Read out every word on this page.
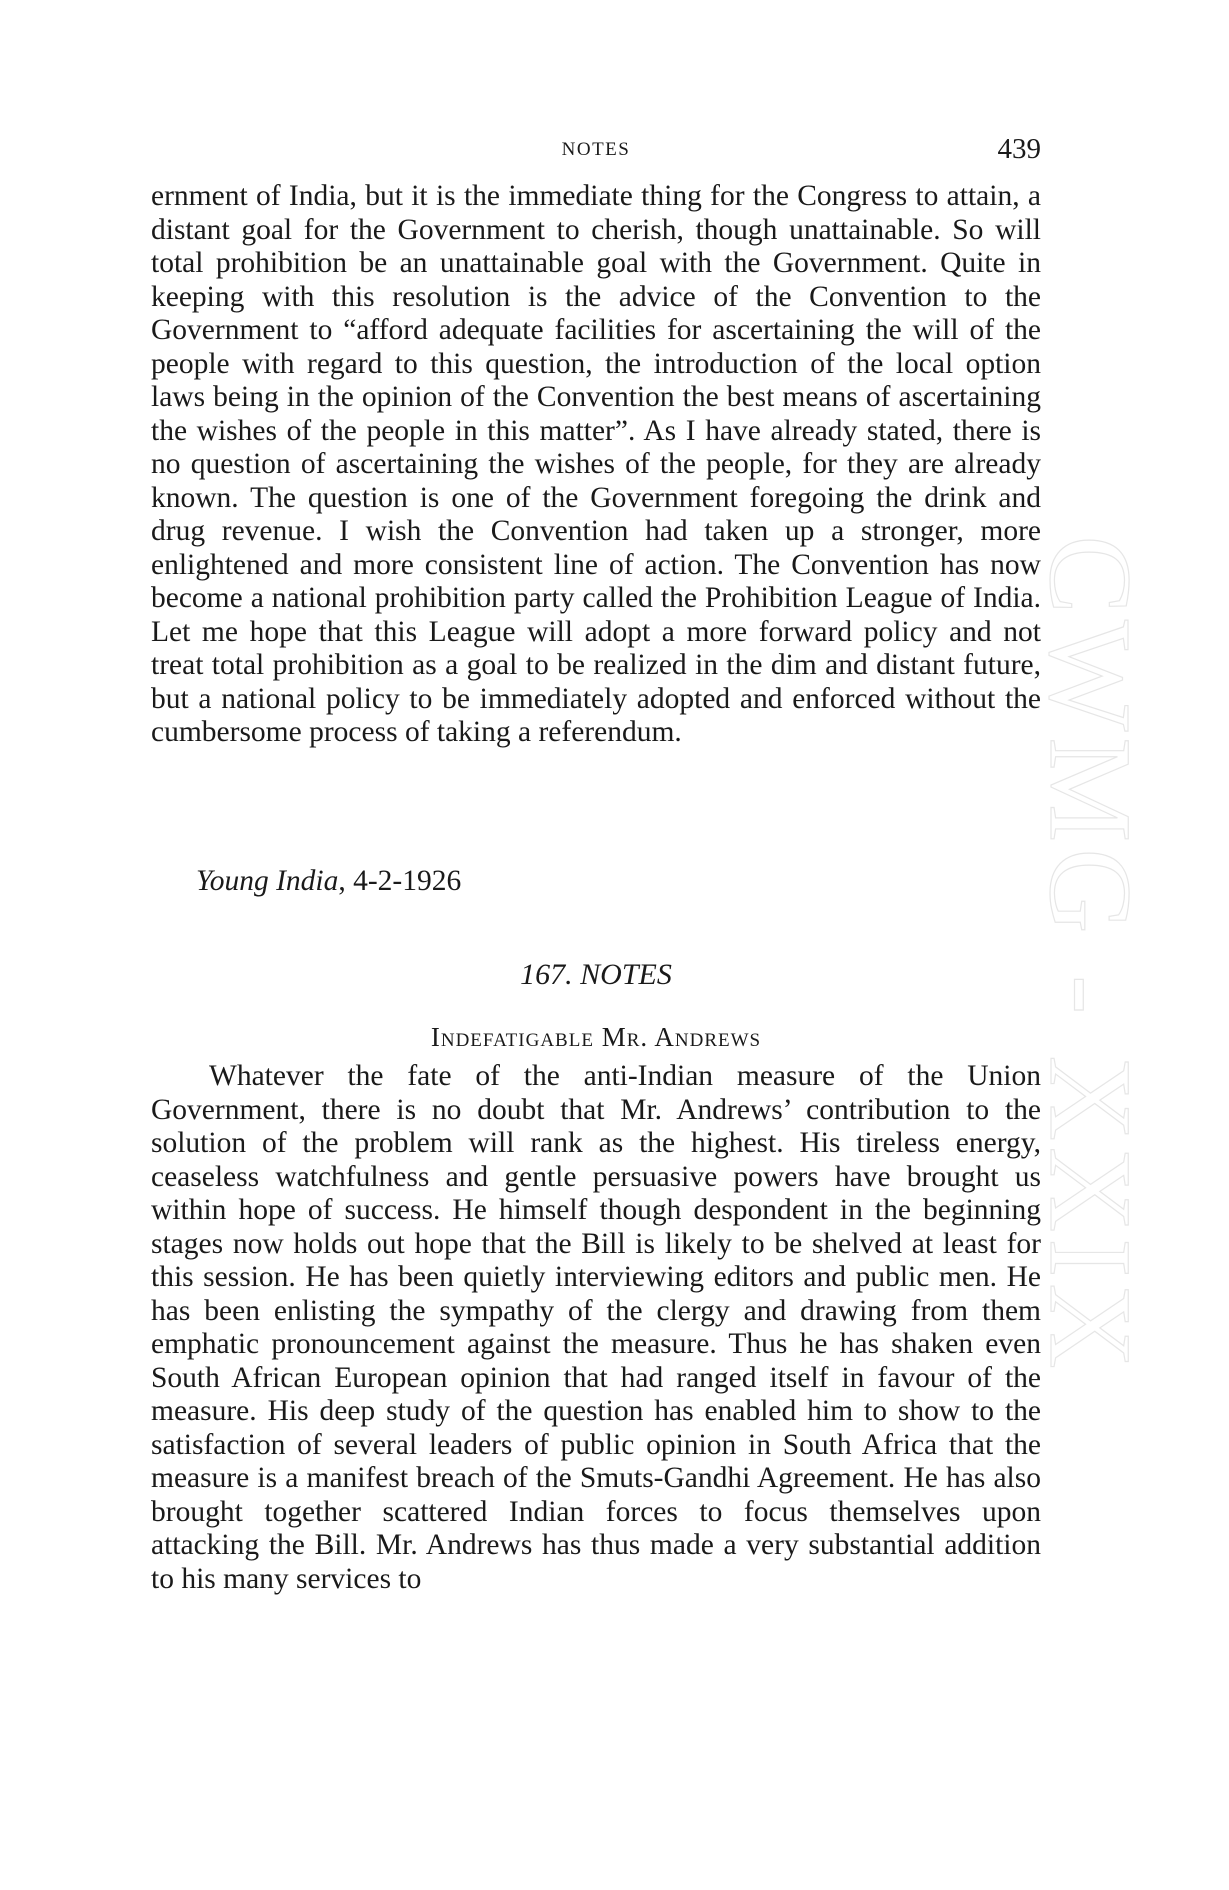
NOTES	439

ernment of India, but it is the immediate thing for the Congress to attain, a distant goal for the Government to cherish, though unattainable. So will total prohibition be an unattainable goal with the Government. Quite in keeping with this resolution is the advice of the Convention to the Government to “afford adequate facilities for ascertaining the will of the people with regard to this question, the introduction of the local option laws being in the opinion of the Convention the best means of ascertaining the wishes of the people in this matter”. As I have already stated, there is no question of ascertaining the wishes of the people, for they are already known. The question is one of the Government foregoing the drink and drug revenue. I wish the Convention had taken up a stronger, more enlightened and more consistent line of action. The Convention has now become a national prohibition party called the Prohibition League of India. Let me hope that this League will adopt a more forward policy and not treat total prohibition as a goal to be realized in the dim and distant future, but a national policy to be immediately adopted and enforced without the cumbersome process of taking a referendum.

Young India, 4-2-1926
167. NOTES
Indefatigable Mr. Andrews

Whatever the fate of the anti-Indian measure of the Union Government, there is no doubt that Mr. Andrews’ contribution to the solution of the problem will rank as the highest. His tireless energy, ceaseless watchfulness and gentle persuasive powers have brought us within hope of success. He himself though despondent in the beginning stages now holds out hope that the Bill is likely to be shelved at least for this session. He has been quietly interviewing editors and public men. He has been enlisting the sympathy of the clergy and drawing from them emphatic pronouncement against the measure. Thus he has shaken even South African European opinion that had ranged itself in favour of the measure. His deep study of the question has enabled him to show to the satisfaction of several leaders of public opinion in South Africa that the measure is a manifest breach of the Smuts-Gandhi Agreement. He has also brought together scattered Indian forces to focus themselves upon attacking the Bill. Mr. Andrews has thus made a very substantial addition to his many services to

CWMG - XXIX
